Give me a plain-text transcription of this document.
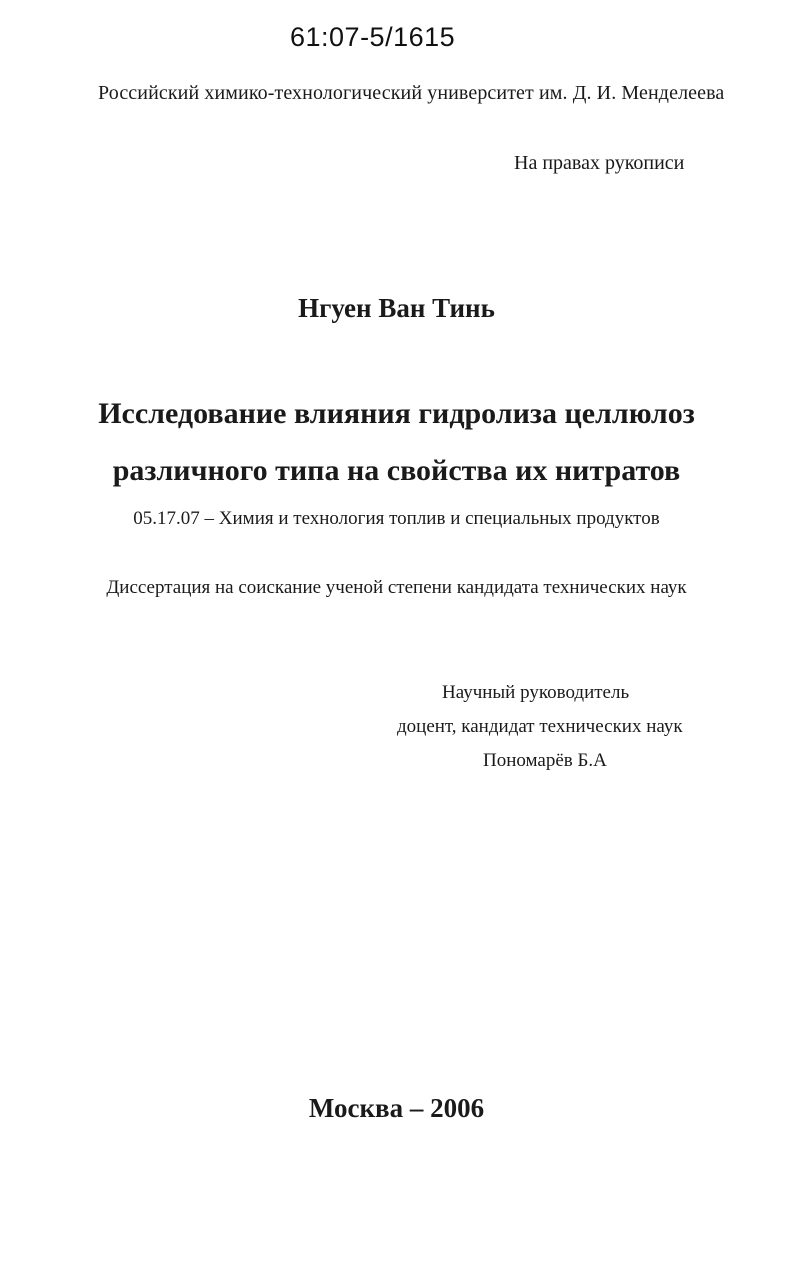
61:07-5/1615
Российский химико-технологический университет им. Д. И. Менделеева
На правах рукописи
Нгуен Ван Тинь
Исследование влияния гидролиза целлюлоз
различного типа на свойства их нитратов
05.17.07 – Химия и технология топлив и специальных продуктов
Диссертация на соискание ученой степени кандидата технических наук
Научный руководитель
доцент, кандидат технических наук
Пономарёв Б.А
Москва – 2006
